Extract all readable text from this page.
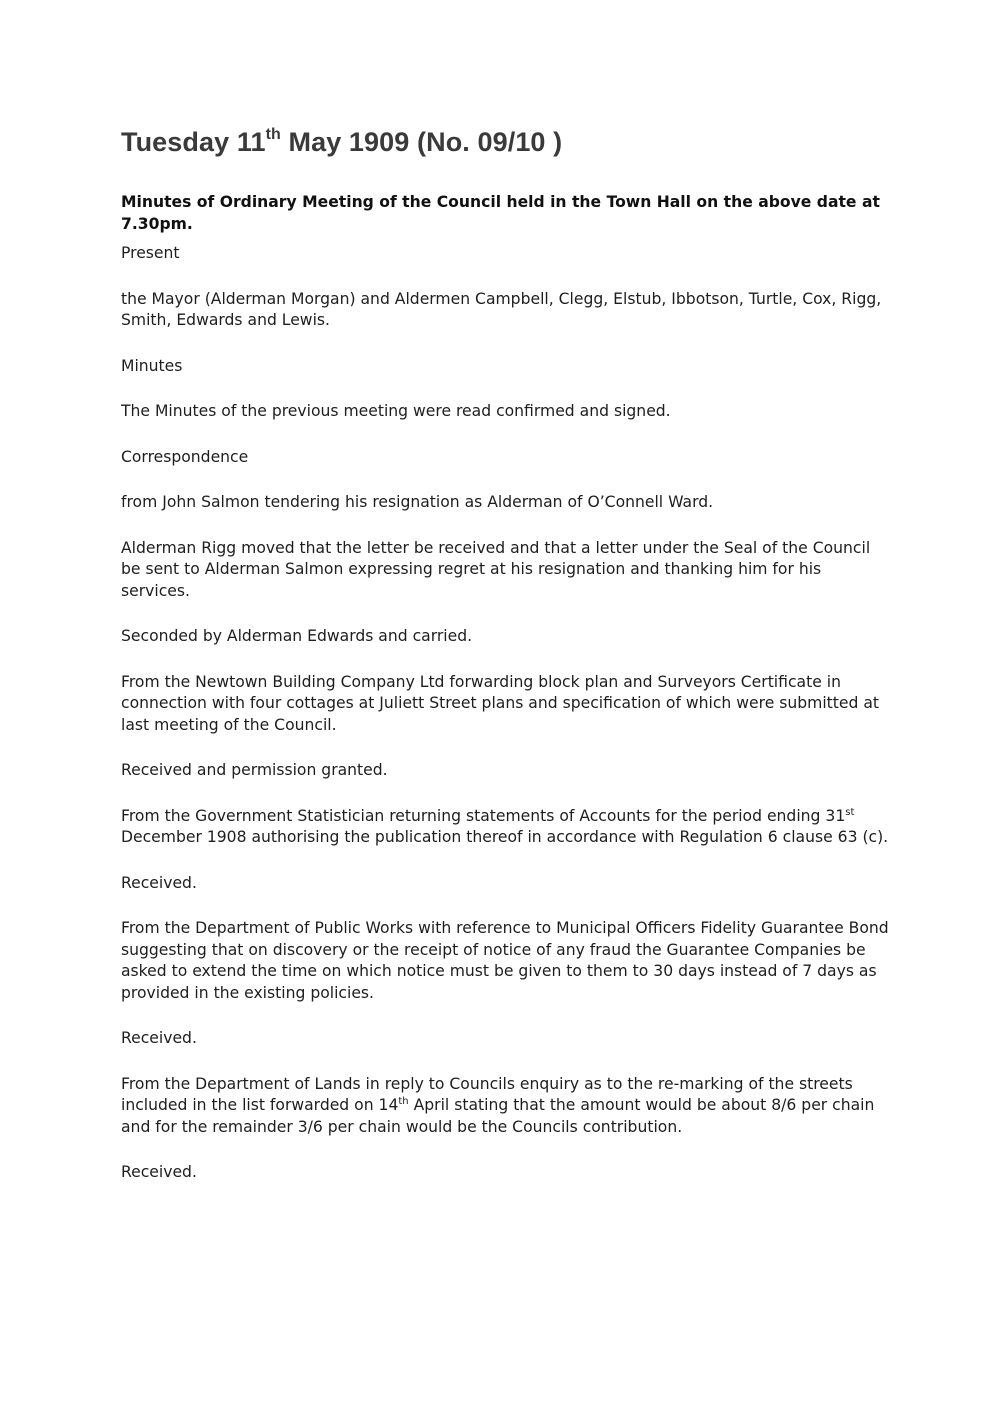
Tuesday 11th May 1909 (No. 09/10 )

Minutes of Ordinary Meeting of the Council held in the Town Hall on the above date at 7.30pm.

Present

the Mayor (Alderman Morgan) and Aldermen Campbell, Clegg, Elstub, Ibbotson, Turtle, Cox, Rigg, Smith, Edwards and Lewis.

Minutes

The Minutes of the previous meeting were read confirmed and signed.

Correspondence

from John Salmon tendering his resignation as Alderman of O’Connell Ward.

Alderman Rigg moved that the letter be received and that a letter under the Seal of the Council be sent to Alderman Salmon expressing regret at his resignation and thanking him for his services.

Seconded by Alderman Edwards and carried.

From the Newtown Building Company Ltd forwarding block plan and Surveyors Certificate in connection with four cottages at Juliett Street plans and specification of which were submitted at last meeting of the Council.

Received and permission granted.

From the Government Statistician returning statements of Accounts for the period ending 31st December 1908 authorising the publication thereof in accordance with Regulation 6 clause 63 (c).

Received.

From the Department of Public Works with reference to Municipal Officers Fidelity Guarantee Bond suggesting that on discovery or the receipt of notice of any fraud the Guarantee Companies be asked to extend the time on which notice must be given to them to 30 days instead of 7 days as provided in the existing policies.

Received.

From the Department of Lands in reply to Councils enquiry as to the re-marking of the streets included in the list forwarded on 14th April stating that the amount would be about 8/6 per chain and for the remainder 3/6 per chain would be the Councils contribution.

Received.
